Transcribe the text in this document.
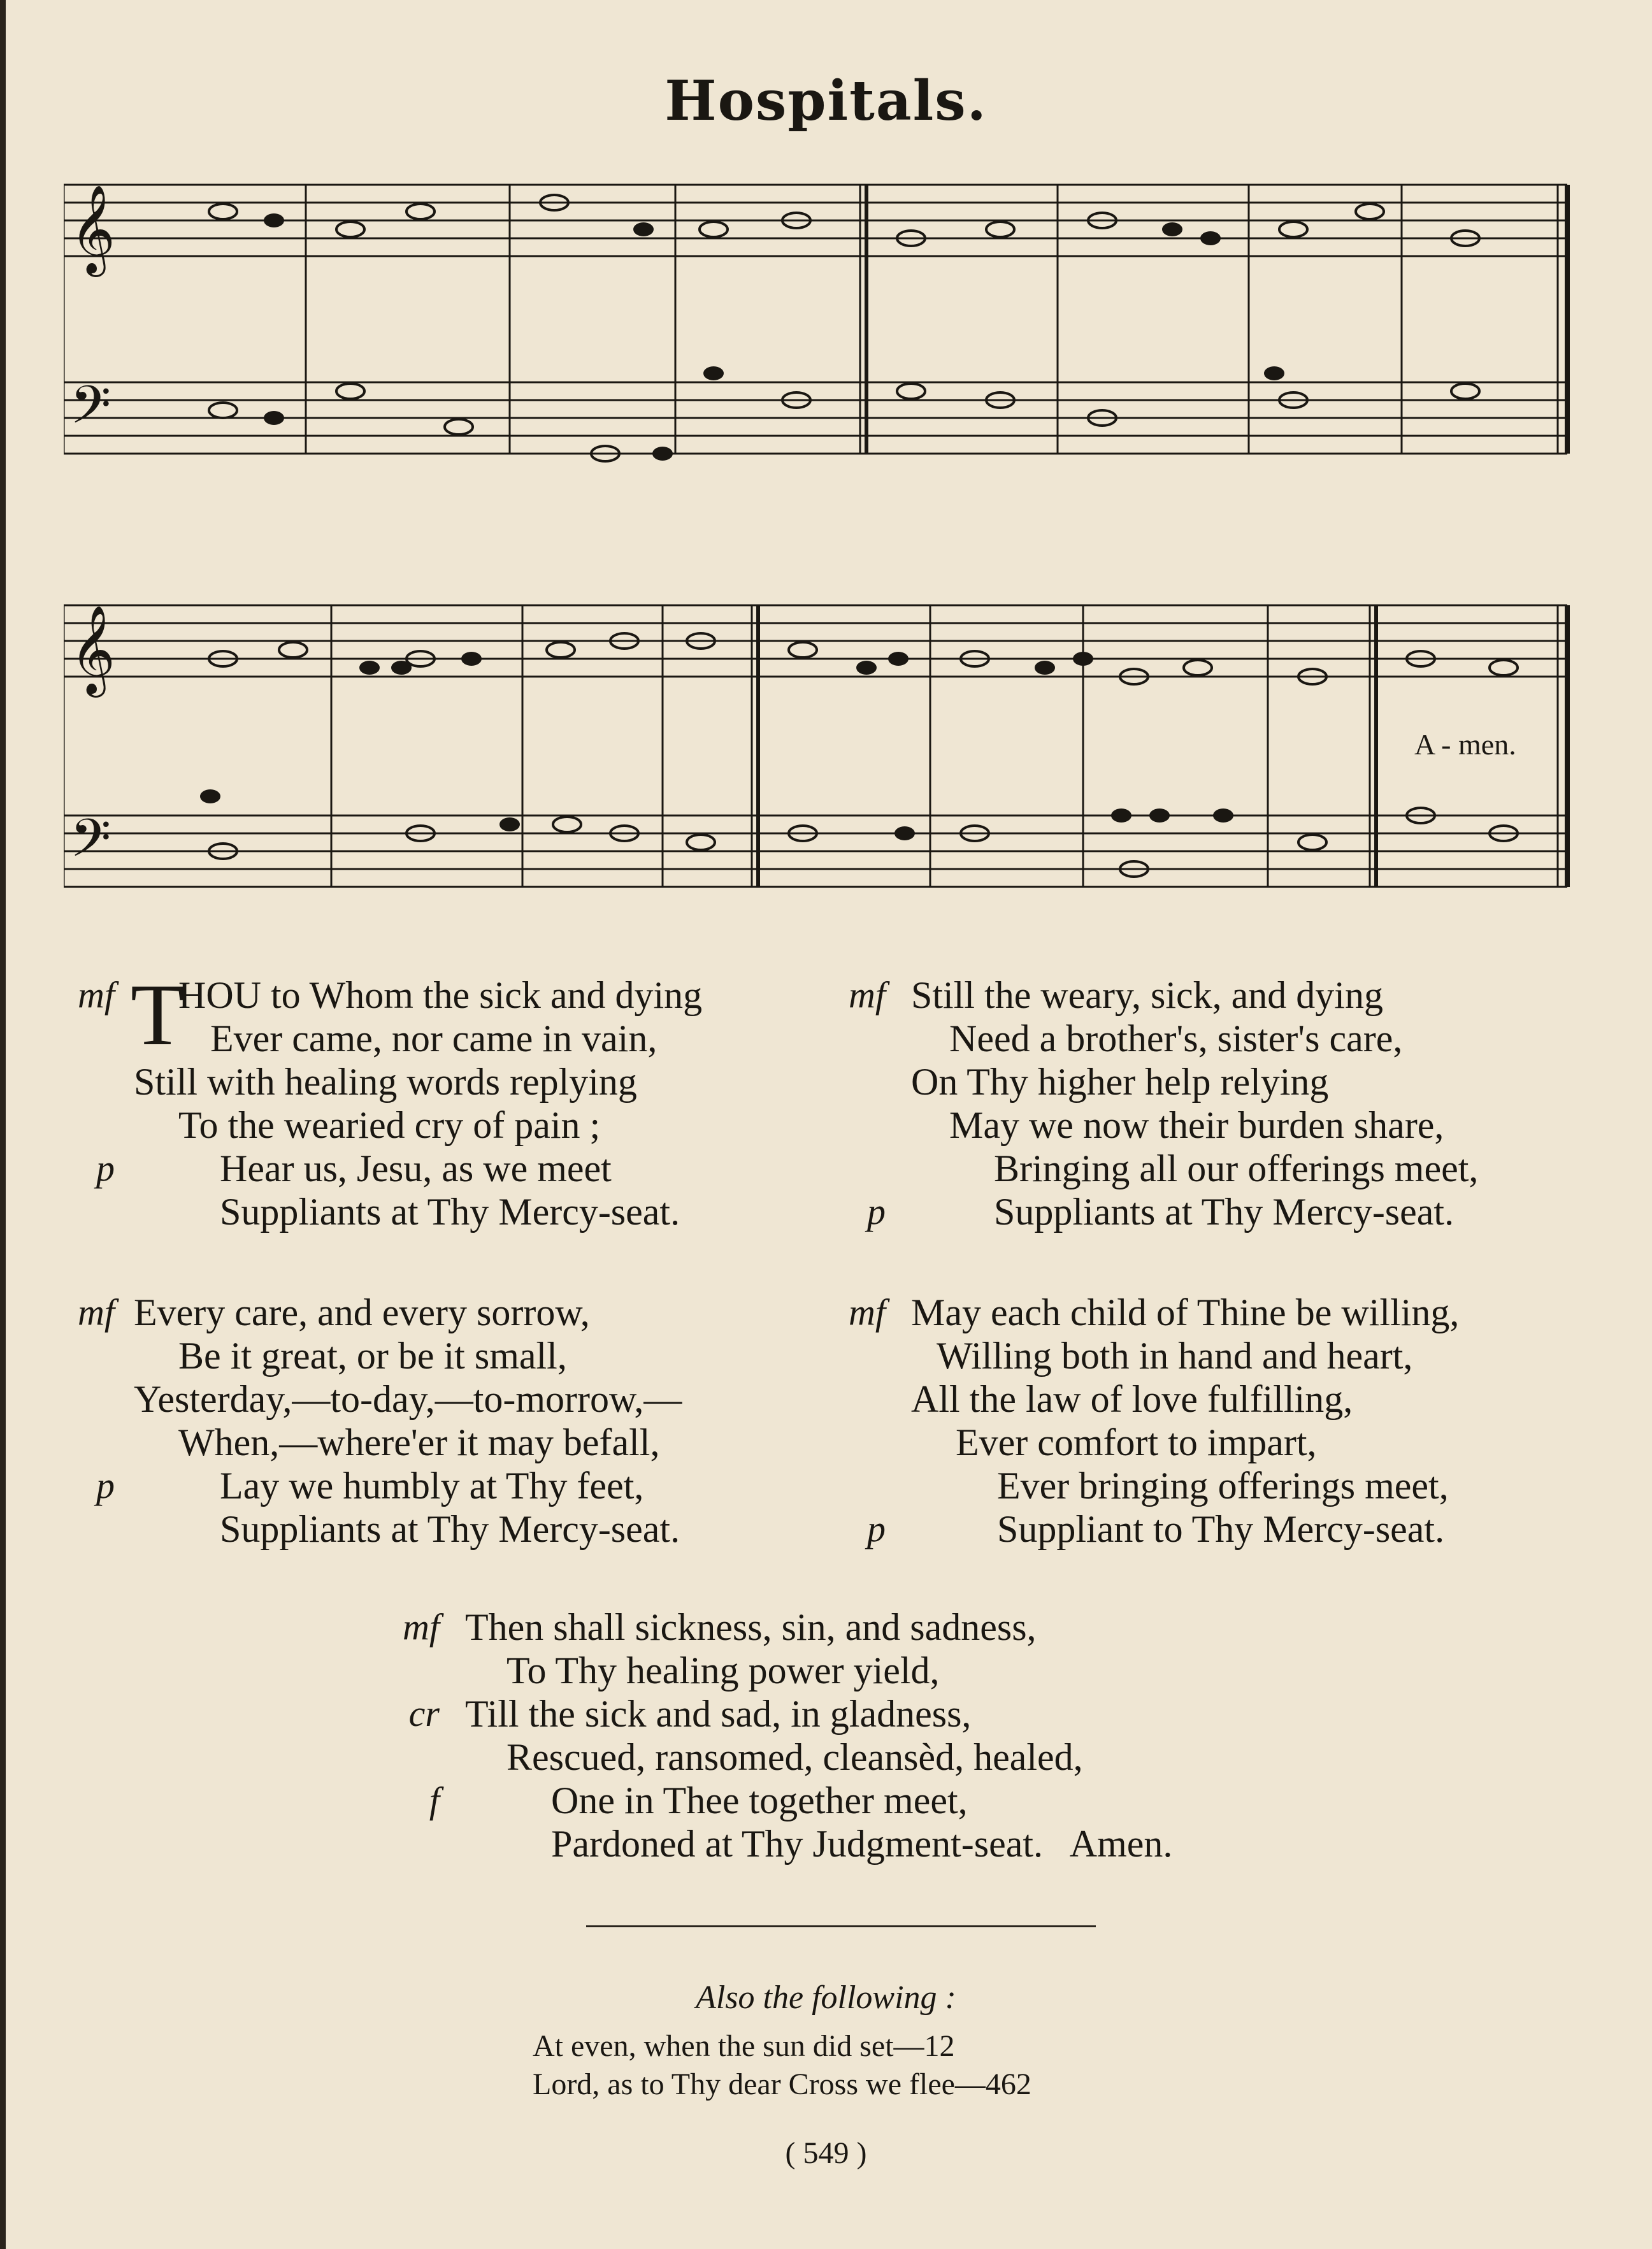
Hospitals.
𝄞
𝄢
𝄞
𝄢
A - men.
T
mf HOU to Whom the sick and dying
Ever came, nor came in vain,
Still with healing words replying
To the wearied cry of pain ;
p	Hear us, Jesu, as we meet
Suppliants at Thy Mercy-seat.
mf Still the weary, sick, and dying
Need a brother's, sister's care,
On Thy higher help relying
May we now their burden share,
Bringing all our offerings meet,
p	Suppliants at Thy Mercy-seat.
mf Every care, and every sorrow,
Be it great, or be it small,
Yesterday,—to-day,—to-morrow,—
When,—where'er it may befall,
p	Lay we humbly at Thy feet,
Suppliants at Thy Mercy-seat.
mf May each child of Thine be willing,
Willing both in hand and heart,
All the law of love fulfilling,
Ever comfort to impart,
Ever bringing offerings meet,
p	Suppliant to Thy Mercy-seat.
mf Then shall sickness, sin, and sadness,
To Thy healing power yield,
cr Till the sick and sad, in gladness,
Rescued, ransomed, cleansèd, healed,
f	One in Thee together meet,
Pardoned at Thy Judgment-seat.   Amen.
Also the following :
At even, when the sun did set—12
Lord, as to Thy dear Cross we flee—462
( 549 )
